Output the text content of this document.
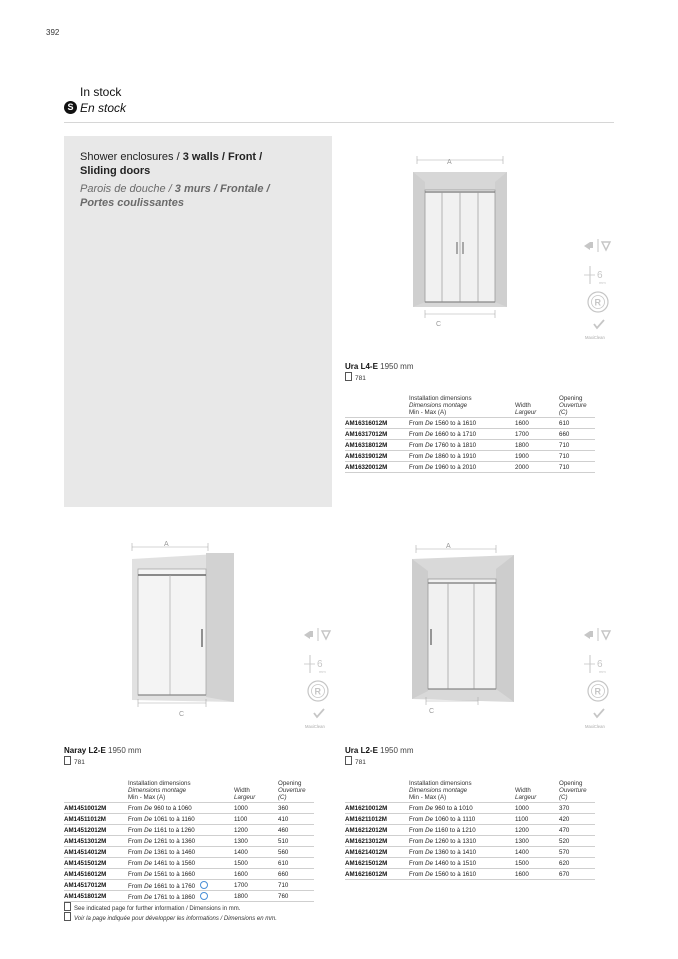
392
In stock
S En stock
Shower enclosures / 3 walls / Front /
Sliding doors
Parois de douche / 3 murs / Frontale /
Portes coulissantes
A
C
6
mm
R
MaxiClean
Ura L4-E 1950 mm
781
	Installation dimensions
Dimensions montage
Min - Max (A)	Width
Largeur	Opening
Ouverture (C)
AM16316012M	From De 1560 to à 1610	1600	610
AM16317012M	From De 1660 to à 1710	1700	660
AM16318012M	From De 1760 to à 1810	1800	710
AM16319012M	From De 1860 to à 1910	1900	710
AM16320012M	From De 1960 to à 2010	2000	710
A
C
6
mm
R
MaxiClean
Naray L2-E 1950 mm
781
	Installation dimensions
Dimensions montage
Min - Max (A)	Width
Largeur	Opening
Ouverture (C)
AM14510012M	From De 960 to à 1060	1000	360
AM14511012M	From De 1061 to à 1160	1100	410
AM14512012M	From De 1161 to à 1260	1200	460
AM14513012M	From De 1261 to à 1360	1300	510
AM14514012M	From De 1361 to à 1460	1400	560
AM14515012M	From De 1461 to à 1560	1500	610
AM14516012M	From De 1561 to à 1660	1600	660
AM14517012M	From De 1661 to à 1760	1700	710
AM14518012M	From De 1761 to à 1860	1800	760
A
C
6
mm
R
MaxiClean
Ura L2-E 1950 mm
781
	Installation dimensions
Dimensions montage
Min - Max (A)	Width
Largeur	Opening
Ouverture (C)
AM16210012M	From De 960 to à 1010	1000	370
AM16211012M	From De 1060 to à 1110	1100	420
AM16212012M	From De 1160 to à 1210	1200	470
AM16213012M	From De 1260 to à 1310	1300	520
AM16214012M	From De 1360 to à 1410	1400	570
AM16215012M	From De 1460 to à 1510	1500	620
AM16216012M	From De 1560 to à 1610	1600	670
See indicated page for further information / Dimensions in mm.
Voir la page indiquée pour développer les informations / Dimensions en mm.
